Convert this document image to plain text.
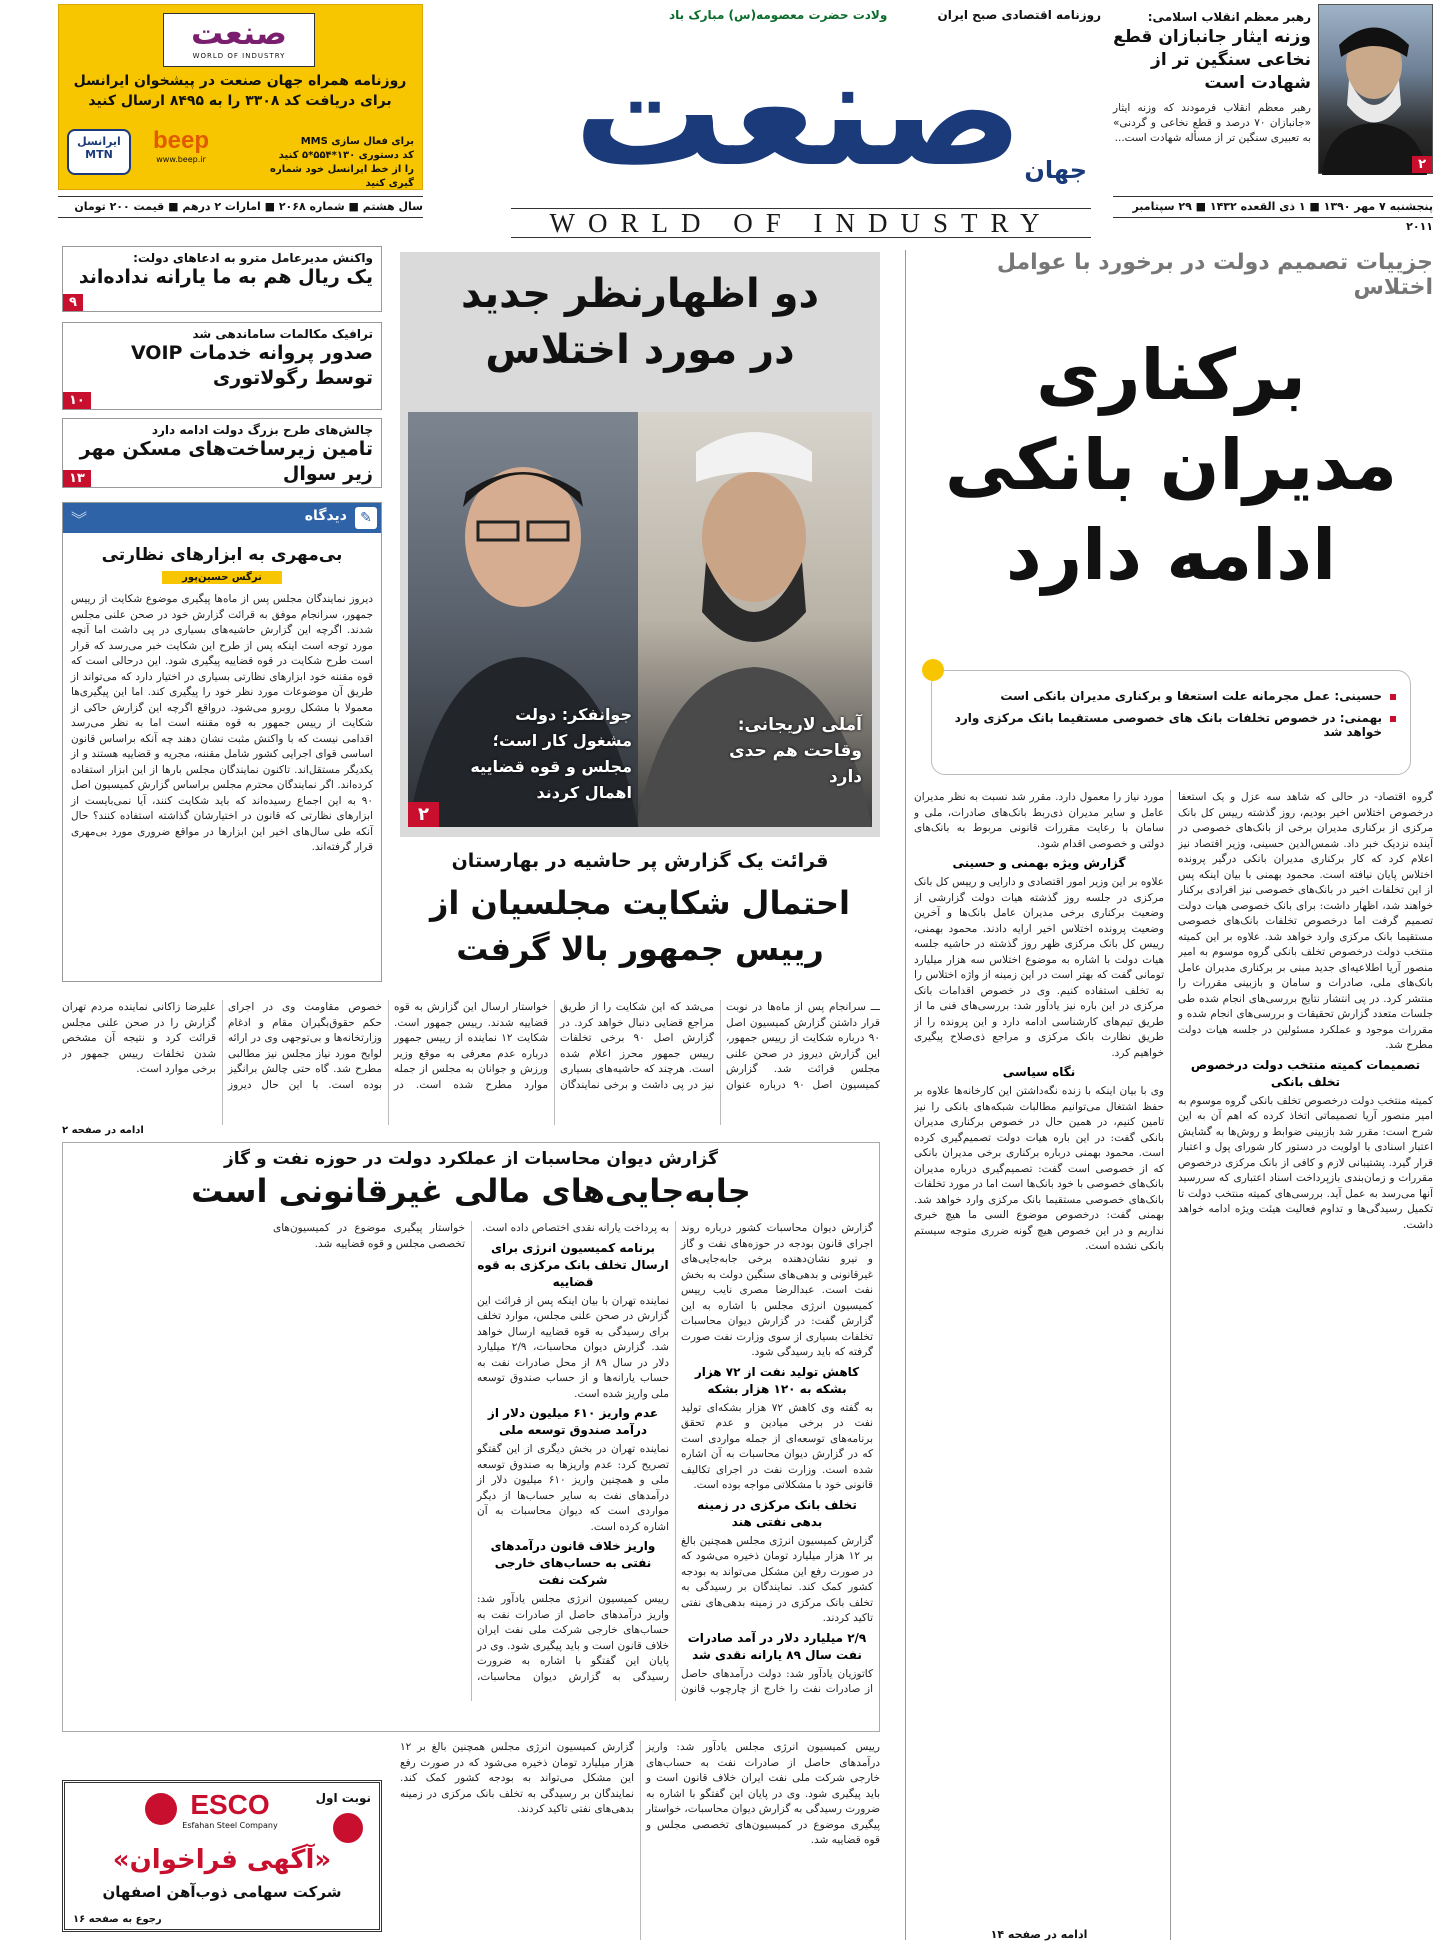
۲
رهبر معظم انقلاب اسلامی:
وزنه ایثار جانبازان قطع نخاعی سنگین تر از شهادت است
رهبر معظم انقلاب فرمودند که وزنه ایثار «جانبازان ۷۰ درصد و قطع نخاعی و گردنی» به تعبیری سنگین تر از مسأله شهادت است...
روزنامه اقتصادی صبح ایران
ولادت حضرت معصومه(س) مبارک باد
صنعت جهان
WORLD OF INDUSTRY
صنعت
WORLD OF INDUSTRY
روزنامه همراه جهان صنعت در پیشخوان ایرانسل
برای دریافت کد ۳۳۰۸ را به ۸۴۹۵ ارسال کنید
برای فعال سازی MMS
کد دستوری ۱۳۰*۵۵۴*۵ کنید
را از خط ایرانسل خود شماره گیری کنید
beep
www.beep.ir
ایرانسل
MTN
پنجشنبه ۷ مهر ۱۳۹۰ ■ ۱ ذی القعده ۱۴۳۲ ■ ۲۹ سپتامبر ۲۰۱۱
سال هشتم ■ شماره ۲۰۶۸ ■ امارات ۲ درهم ■ قیمت ۲۰۰ تومان
جزییات تصمیم دولت در برخورد با عوامل اختلاس
برکناری
مدیران بانکی
ادامه دارد
حسینی: عمل مجرمانه علت استعفا و برکناری مدیران بانکی است
بهمنی: در خصوص تخلفات بانک های خصوصی مستقیما بانک مرکزی وارد خواهد شد

گروه اقتصاد- در حالی که شاهد سه عزل و یک استعفا درخصوص اختلاس اخیر بودیم، روز گذشته رییس کل بانک مرکزی از برکناری مدیران برخی از بانک‌های خصوصی در آینده نزدیک خبر داد. شمس‌الدین حسینی، وزیر اقتصاد نیز اعلام کرد که کار برکناری مدیران بانکی درگیر پرونده اختلاس پایان نیافته است. محمود بهمنی با بیان اینکه پس از این تخلفات اخیر در بانک‌های خصوصی نیز افرادی برکنار خواهند شد، اظهار داشت: برای بانک خصوصی هیات دولت تصمیم گرفت اما درخصوص تخلفات بانک‌های خصوصی مستقیما بانک مرکزی وارد خواهد شد. علاوه بر این کمیته منتخب دولت درخصوص تخلف بانکی گروه موسوم به امیر منصور آریا اطلاعیه‌ای جدید مبنی بر برکناری مدیران عامل بانک‌های ملی، صادرات و سامان و بازبینی مقررات را منتشر کرد. در پی انتشار نتایج بررسی‌های انجام شده طی جلسات متعدد گزارش تحقیقات و بررسی‌های انجام شده و مقررات موجود و عملکرد مسئولین در جلسه هیات دولت مطرح شد.

تصمیمات کمیته منتخب دولت درخصوص تخلف بانکی

کمیته منتخب دولت درخصوص تخلف بانکی گروه موسوم به امیر منصور آریا تصمیماتی اتخاذ کرده که اهم آن به این شرح است: مقرر شد بازبینی ضوابط و روش‌ها به گشایش اعتبار اسنادی با اولویت در دستور کار شورای پول و اعتبار قرار گیرد. پشتیبانی لازم و کافی از بانک مرکزی درخصوص مقررات و زمان‌بندی بازپرداخت اسناد اعتباری که سررسید آنها می‌رسد به عمل آید. بررسی‌های کمیته منتخب دولت تا تکمیل رسیدگی‌ها و تداوم فعالیت هیئت ویژه ادامه خواهد داشت.

مورد نیاز را معمول دارد. مقرر شد نسبت به نظر مدیران عامل و سایر مدیران ذی‌ربط بانک‌های صادرات، ملی و سامان با رعایت مقررات قانونی مربوط به بانک‌های دولتی و خصوصی اقدام شود.

گزارش ویژه بهمنی و حسینی

علاوه بر این وزیر امور اقتصادی و دارایی و رییس کل بانک مرکزی در جلسه روز گذشته هیات دولت گزارشی از وضعیت برکناری برخی مدیران عامل بانک‌ها و آخرین وضعیت پرونده اختلاس اخیر ارایه دادند. محمود بهمنی، رییس کل بانک مرکزی ظهر روز گذشته در حاشیه جلسه هیات دولت با اشاره به موضوع اختلاس سه هزار میلیارد تومانی گفت که بهتر است در این زمینه از واژه اختلاس را به تخلف استفاده کنیم. وی در خصوص اقدامات بانک مرکزی در این باره نیز یادآور شد: بررسی‌های فنی ما از طریق تیم‌های کارشناسی ادامه دارد و این پرونده را از طریق نظارت بانک مرکزی و مراجع ذی‌صلاح پیگیری خواهیم کرد.

نگاه سیاسی

وی با بیان اینکه با زنده نگه‌داشتن این کارخانه‌ها علاوه بر حفظ اشتغال می‌توانیم مطالبات شبکه‌های بانکی را نیز تامین کنیم، در همین حال در خصوص برکناری مدیران بانکی گفت: در این باره هیات دولت تصمیم‌گیری کرده است. محمود بهمنی درباره برکناری برخی مدیران بانکی که از خصوصی است گفت: تصمیم‌گیری درباره مدیران بانک‌های خصوصی با خود بانک‌ها است اما در مورد تخلفات بانک‌های خصوصی مستقیما بانک مرکزی وارد خواهد شد. بهمنی گفت: درخصوص موضوع السی ما هیچ خبری نداریم و در این خصوص هیچ گونه ضرری متوجه سیستم بانکی نشده است.

ادامه در صفحه ۱۴
دو اظهارنظر جدید در مورد اختلاس
آملی لاریجانی: وقاحت هم حدی دارد
جوانفکر: دولت مشغول کار است؛ مجلس و قوه قضاییه اهمال کردند
۲
قرائت یک گزارش پر حاشیه در بهارستان
احتمال شکایت مجلسیان از رییس جمهور بالا گرفت
ـــ سرانجام پس از ماه‌ها در نوبت قرار داشتن گزارش کمیسیون اصل ۹۰ درباره شکایت از رییس جمهور، این گزارش دیروز در صحن علنی مجلس قرائت شد. گزارش کمیسیون اصل ۹۰ درباره عنوان می‌شد که این شکایت را از طریق مراجع قضایی دنبال خواهد کرد. در گزارش اصل ۹۰ برخی تخلفات رییس جمهور محرز اعلام شده است. هرچند که حاشیه‌های بسیاری نیز در پی داشت و برخی نمایندگان خواستار ارسال این گزارش به قوه قضاییه شدند. رییس جمهور است. شکایت ۱۲ نماینده از رییس جمهور درباره عدم معرفی به موقع وزیر ورزش و جوانان به مجلس از جمله موارد مطرح شده است. در خصوص مقاومت وی در اجرای حکم حقوق‌بگیران مقام و ادغام وزارتخانه‌ها و بی‌توجهی وی در ارائه لوایح مورد نیاز مجلس نیز مطالبی مطرح شد. گاه حتی چالش برانگیز بوده است. با این حال دیروز علیرضا زاکانی نماینده مردم تهران گزارش را در صحن علنی مجلس قرائت کرد و نتیجه آن مشخص شدن تخلفات رییس جمهور در برخی موارد است.
ادامه در صفحه ۲
واکنش مدیرعامل مترو به ادعاهای دولت:
یک ریال هم به ما یارانه نداده‌اند
۹
ترافیک مکالمات ساماندهی شد
صدور پروانه خدمات VOIP توسط رگولاتوری
۱۰
چالش‌های طرح بزرگ دولت ادامه دارد
تامین زیرساخت‌های مسکن مهر زیر سوال
۱۳
✎
دیدگاه
︾
بی‌مهری به ابزارهای نظارتی
نرگس حسین‌پور
دیروز نمایندگان مجلس پس از ماه‌ها پیگیری موضوع شکایت از رییس جمهور، سرانجام موفق به قرائت گزارش خود در صحن علنی مجلس شدند. اگرچه این گزارش حاشیه‌های بسیاری در پی داشت اما آنچه مورد توجه است اینکه پس از طرح این شکایت خبر می‌رسد که قرار است طرح شکایت در قوه قضاییه پیگیری شود. این درحالی است که قوه مقننه خود ابزارهای نظارتی بسیاری در اختیار دارد که می‌تواند از طریق آن موضوعات مورد نظر خود را پیگیری کند. اما این پیگیری‌ها معمولا با مشکل روبرو می‌شود. درواقع اگرچه این گزارش حاکی از شکایت از رییس جمهور به قوه مقننه است اما به نظر می‌رسد اقدامی نیست که با واکنش مثبت نشان دهند چه آنکه براساس قانون اساسی قوای اجرایی کشور شامل مقننه، مجریه و قضاییه هستند و از یکدیگر مستقل‌اند. تاکنون نمایندگان مجلس بارها از این ابزار استفاده کرده‌اند. اگر نمایندگان محترم مجلس براساس گزارش کمیسیون اصل ۹۰ به این اجماع رسیده‌اند که باید شکایت کنند، آیا نمی‌بایست از ابزارهای نظارتی که قانون در اختیارشان گذاشته استفاده کنند؟ حال آنکه طی سال‌های اخیر این ابزارها در مواقع ضروری مورد بی‌مهری قرار گرفته‌اند.
گزارش دیوان محاسبات از عملکرد دولت در حوزه نفت و گاز
جابه‌جایی‌های مالی غیرقانونی است

گزارش دیوان محاسبات کشور درباره روند اجرای قانون بودجه در حوزه‌های نفت و گاز و نیرو نشان‌دهنده برخی جابه‌جایی‌های غیرقانونی و بدهی‌های سنگین دولت به بخش نفت است. عبدالرضا مصری نایب رییس کمیسیون انرژی مجلس با اشاره به این گزارش گفت: در گزارش دیوان محاسبات تخلفات بسیاری از سوی وزارت نفت صورت گرفته که باید رسیدگی شود.

کاهش تولید نفت از ۷۲ هزار بشکه به ۱۲۰ هزار بشکه

به گفته وی کاهش ۷۲ هزار بشکه‌ای تولید نفت در برخی میادین و عدم تحقق برنامه‌های توسعه‌ای از جمله مواردی است که در گزارش دیوان محاسبات به آن اشاره شده است. وزارت نفت در اجرای تکالیف قانونی خود با مشکلاتی مواجه بوده است.

تخلف بانک مرکزی در زمینه بدهی نفتی هند

گزارش کمیسیون انرژی مجلس همچنین بالغ بر ۱۲ هزار میلیارد تومان ذخیره می‌شود که در صورت رفع این مشکل می‌تواند به بودجه کشور کمک کند. نمایندگان بر رسیدگی به تخلف بانک مرکزی در زمینه بدهی‌های نفتی تاکید کردند.

۲/۹ میلیارد دلار در آمد صادرات نفت سال ۸۹ یارانه نقدی شد

کاتوزیان یادآور شد: دولت درآمدهای حاصل از صادرات نفت را خارج از چارچوب قانون به پرداخت یارانه نقدی اختصاص داده است.

برنامه کمیسیون انرژی برای ارسال تخلف بانک مرکزی به قوه قضاییه

نماینده تهران با بیان اینکه پس از قرائت این گزارش در صحن علنی مجلس، موارد تخلف برای رسیدگی به قوه قضاییه ارسال خواهد شد. گزارش دیوان محاسبات، ۲/۹ میلیارد دلار در سال ۸۹ از محل صادرات نفت به حساب یارانه‌ها و از حساب صندوق توسعه ملی واریز شده است.

عدم واریز ۶۱۰ میلیون دلار از درآمد صندوق توسعه ملی

نماینده تهران در بخش دیگری از این گفتگو تصریح کرد: عدم واریز‌ها به صندوق توسعه ملی و همچنین واریز ۶۱۰ میلیون دلار از درآمدهای نفت به سایر حساب‌ها از دیگر مواردی است که دیوان محاسبات به آن اشاره کرده است.

واریز خلاف قانون درآمدهای نفتی به حساب‌های خارجی شرکت نفت

رییس کمیسیون انرژی مجلس یادآور شد: واریز درآمدهای حاصل از صادرات نفت به حساب‌های خارجی شرکت ملی نفت ایران خلاف قانون است و باید پیگیری شود. وی در پایان این گفتگو با اشاره به ضرورت رسیدگی به گزارش دیوان محاسبات، خواستار پیگیری موضوع در کمیسیون‌های تخصصی مجلس و قوه قضاییه شد.

رییس کمیسیون انرژی مجلس یادآور شد: واریز درآمدهای حاصل از صادرات نفت به حساب‌های خارجی شرکت ملی نفت ایران خلاف قانون است و باید پیگیری شود. وی در پایان این گفتگو با اشاره به ضرورت رسیدگی به گزارش دیوان محاسبات، خواستار پیگیری موضوع در کمیسیون‌های تخصصی مجلس و قوه قضاییه شد.

گزارش کمیسیون انرژی مجلس همچنین بالغ بر ۱۲ هزار میلیارد تومان ذخیره می‌شود که در صورت رفع این مشکل می‌تواند به بودجه کشور کمک کند. نمایندگان بر رسیدگی به تخلف بانک مرکزی در زمینه بدهی‌های نفتی تاکید کردند.

نوبت اول
ESCO
Esfahan Steel Company
«آگهی فراخوان»
شرکت سهامی ذوب‌آهن اصفهان
رجوع به صفحه ۱۶
